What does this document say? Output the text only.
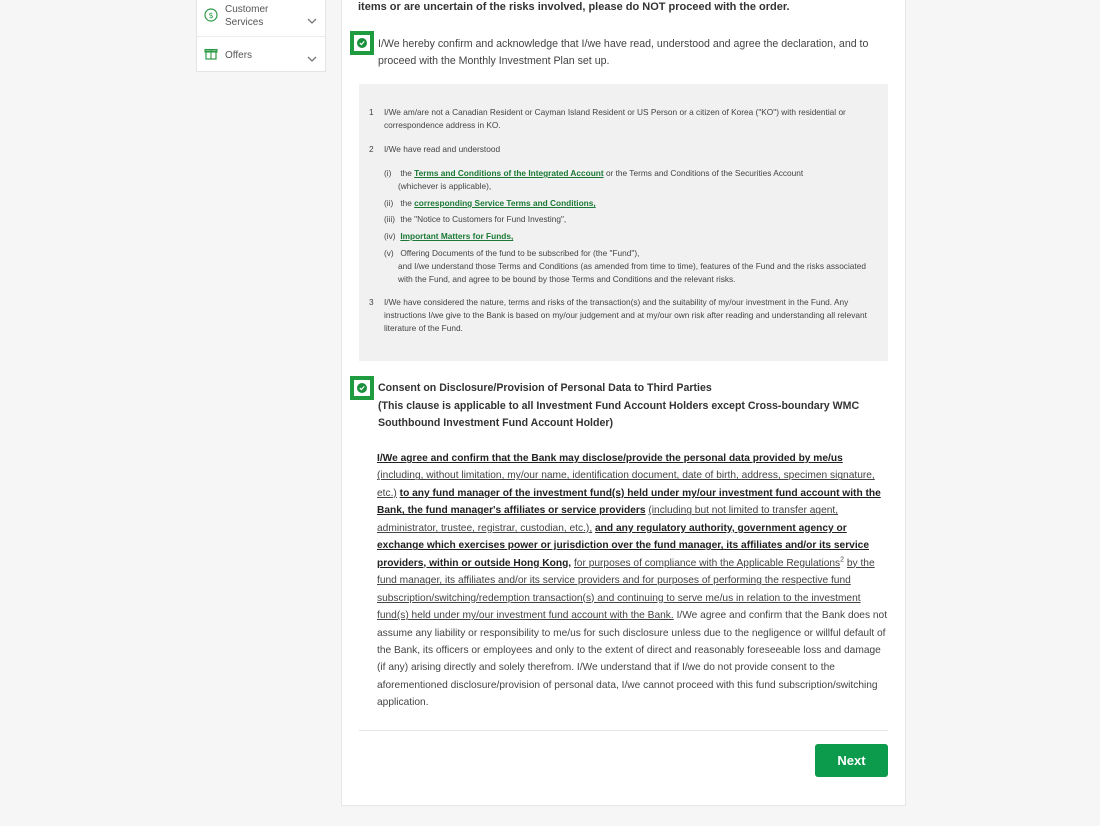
$
Customer Services
Offers
items or are uncertain of the risks involved, please do NOT proceed with the order.
I/We hereby confirm and acknowledge that I/we have read, understood and agree the declaration, and to proceed with the Monthly Investment Plan set up.
1 I/We am/are not a Canadian Resident or Cayman Island Resident or US Person or a citizen of Korea ("KO") with residential or correspondence address in KO.
2 I/We have read and understood
(i) the Terms and Conditions of the Integrated Account or the Terms and Conditions of the Securities Account
(whichever is applicable),
(ii) the corresponding Service Terms and Conditions,
(iii) the "Notice to Customers for Fund Investing",
(iv) Important Matters for Funds,
(v) Offering Documents of the fund to be subscribed for (the "Fund"),
and I/we understand those Terms and Conditions (as amended from time to time), features of the Fund and the risks associated with the Fund, and agree to be bound by those Terms and Conditions and the relevant risks.
3 I/We have considered the nature, terms and risks of the transaction(s) and the suitability of my/our investment in the Fund. Any instructions I/we give to the Bank is based on my/our judgement and at my/our own risk after reading and understanding all relevant literature of the Fund.
Consent on Disclosure/Provision of Personal Data to Third Parties
(This clause is applicable to all Investment Fund Account Holders except Cross-boundary WMC Southbound Investment Fund Account Holder)
I/We agree and confirm that the Bank may disclose/provide the personal data provided by me/us (including, without limitation, my/our name, identification document, date of birth, address, specimen signature, etc.) to any fund manager of the investment fund(s) held under my/our investment fund account with the Bank, the fund manager's affiliates or service providers (including but not limited to transfer agent, administrator, trustee, registrar, custodian, etc.), and any regulatory authority, government agency or exchange which exercises power or jurisdiction over the fund manager, its affiliates and/or its service providers, within or outside Hong Kong, for purposes of compliance with the Applicable Regulations$^2$ by the fund manager, its affiliates and/or its service providers and for purposes of performing the respective fund subscription/switching/redemption transaction(s) and continuing to serve me/us in relation to the investment fund(s) held under my/our investment fund account with the Bank. I/We agree and confirm that the Bank does not assume any liability or responsibility to me/us for such disclosure unless due to the negligence or willful default of the Bank, its officers or employees and only to the extent of direct and reasonably foreseeable loss and damage (if any) arising directly and solely therefrom. I/We understand that if I/we do not provide consent to the aforementioned disclosure/provision of personal data, I/we cannot proceed with this fund subscription/switching application.
Next
